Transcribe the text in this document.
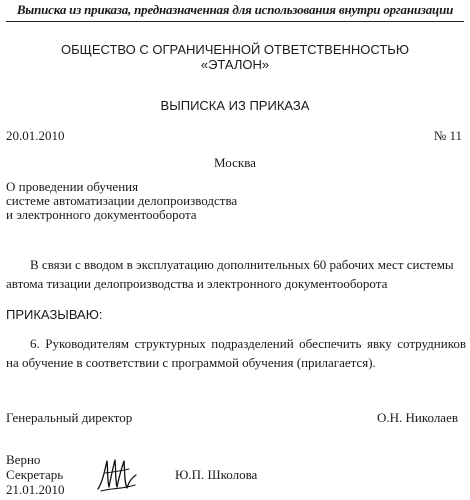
Выписка из приказа, предназначенная для использования внутри организации
ОБЩЕСТВО С ОГРАНИЧЕННОЙ ОТВЕТСТВЕННОСТЬЮ
«ЭТАЛОН»
ВЫПИСКА ИЗ ПРИКАЗА
20.01.2010	№ 11
Москва
О проведении обучения
системе автоматизации делопроизводства
и электронного документооборота
В связи с вводом в эксплуатацию дополнительных 60 рабочих мест системы автома тизации делопроизводства и электронного документооборота
ПРИКАЗЫВАЮ:
6. Руководителям структурных подразделений обеспечить явку сотрудников на обучение в соответствии с программой обучения (прилагается).
Генеральный директор	О.Н. Николаев
Верно
Секретарь
21.01.2010
Ю.П. Школова
